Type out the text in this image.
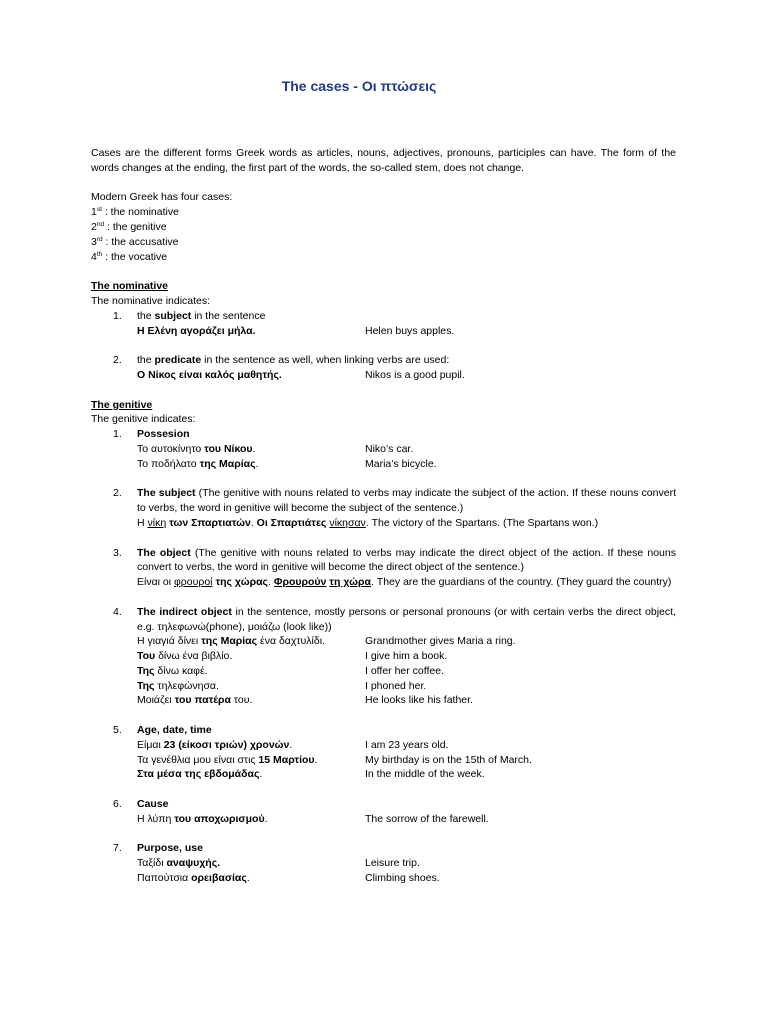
The cases - Οι πτώσεις

Cases are the different forms Greek words as articles, nouns, adjectives, pronouns, participles can have. The form of the words changes at the ending, the first part of the words, the so-called stem, does not change.

Modern Greek has four cases:

1st : the nominative

2nd : the genitive

3rd : the accusative

4th : the vocative

The nominative

The nominative indicates:

1. the subject in the sentence

Η Ελένη αγοράζει μήλα.	Helen buys apples.
2. the predicate in the sentence as well, when linking verbs are used:

Ο Νίκος είναι καλός μαθητής.	Nikos is a good pupil.

The genitive

The genitive indicates:

1. Possesion

Το αυτοκίνητο του Νίκου.	Niko’s car.
Το ποδήλατο της Μαρίας.	Maria’s bicycle.
2. The subject (The genitive with nouns related to verbs may indicate the subject of the action. If these nouns convert to verbs, the word in genitive will become the subject of the sentence.)

Η νίκη των Σπαρτιατών. Οι Σπαρτιάτες νίκησαν. The victory of the Spartans. (The Spartans won.)

3. The object (The genitive with nouns related to verbs may indicate the direct object of the action. If these nouns convert to verbs, the word in genitive will become the direct object of the sentence.)

Είναι οι φρουροί της χώρας. Φρουρούν τη χώρα. They are the guardians of the country. (They guard the country)

4. The indirect object in the sentence, mostly persons or personal pronouns (or with certain verbs the direct object, e.g. τηλεφωνώ(phone), μοιάζω (look like))

Η γιαγιά δίνει της Μαρίας ένα δαχτυλίδι.	Grandmother gives Maria a ring.
Του δίνω ένα βιβλίο.	I give him a book.
Της δίνω καφέ.	I offer her coffee.
Της τηλεφώνησα.	I phoned her.
Μοιάζει του πατέρα του.	He looks like his father.
5. Age, date, time

Είμαι 23 (είκοσι τριών) χρονών.	I am 23 years old.
Τα γενέθλια μου είναι στις 15 Μαρτίου.	My birthday is on the 15th of March.
Στα μέσα της εβδομάδας.	In the middle of the week.
6. Cause

Η λύπη του αποχωρισμού.	The sorrow of the farewell.
7. Purpose, use

Ταξίδι αναψυχής.	Leisure trip.
Παπούτσια ορειβασίας.	Climbing shoes.
